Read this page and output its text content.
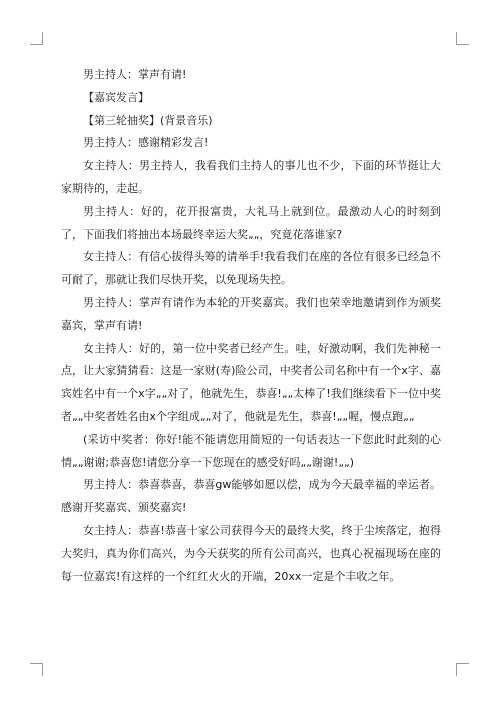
男主持人：掌声有请!

【嘉宾发言】

【第三轮抽奖】(背景音乐)

男主持人：感谢精彩发言!

女主持人：男主持人，我看我们主持人的事儿也不少，下面的环节挺让大家期待的，走起。

男主持人：好的，花开报富贵，大礼马上就到位。最激动人心的时刻到了，下面我们将抽出本场最终幸运大奖„„，究竟花落谁家?

女主持人：有信心拔得头筹的请举手!我看我们在座的各位有很多已经急不可耐了，那就让我们尽快开奖，以免现场失控。

男主持人：掌声有请作为本轮的开奖嘉宾。我们也荣幸地邀请到作为颁奖嘉宾，掌声有请!

女主持人：好的，第一位中奖者已经产生。哇，好激动啊，我们先神秘一点，让大家猜猜看：这是一家财(寿)险公司，中奖者公司名称中有一个x字、嘉宾姓名中有一个x字„„对了，他就先生，恭喜!„„太棒了!我们继续看下一位中奖者„„中奖者姓名由x个字组成„„对了，他就是先生，恭喜!„„喔，慢点跑„„

(采访中奖者：你好!能不能请您用简短的一句话表达一下您此时此刻的心情„„谢谢;恭喜您!请您分享一下您现在的感受好吗„„谢谢!„„)

男主持人：恭喜恭喜，恭喜gw能够如愿以偿，成为今天最幸福的幸运者。感谢开奖嘉宾、颁奖嘉宾!

女主持人：恭喜!恭喜十家公司获得今天的最终大奖，终于尘埃落定，抱得大奖归，真为你们高兴，为今天获奖的所有公司高兴，也真心祝福现场在座的每一位嘉宾!有这样的一个红红火火的开端，20xx一定是个丰收之年。
